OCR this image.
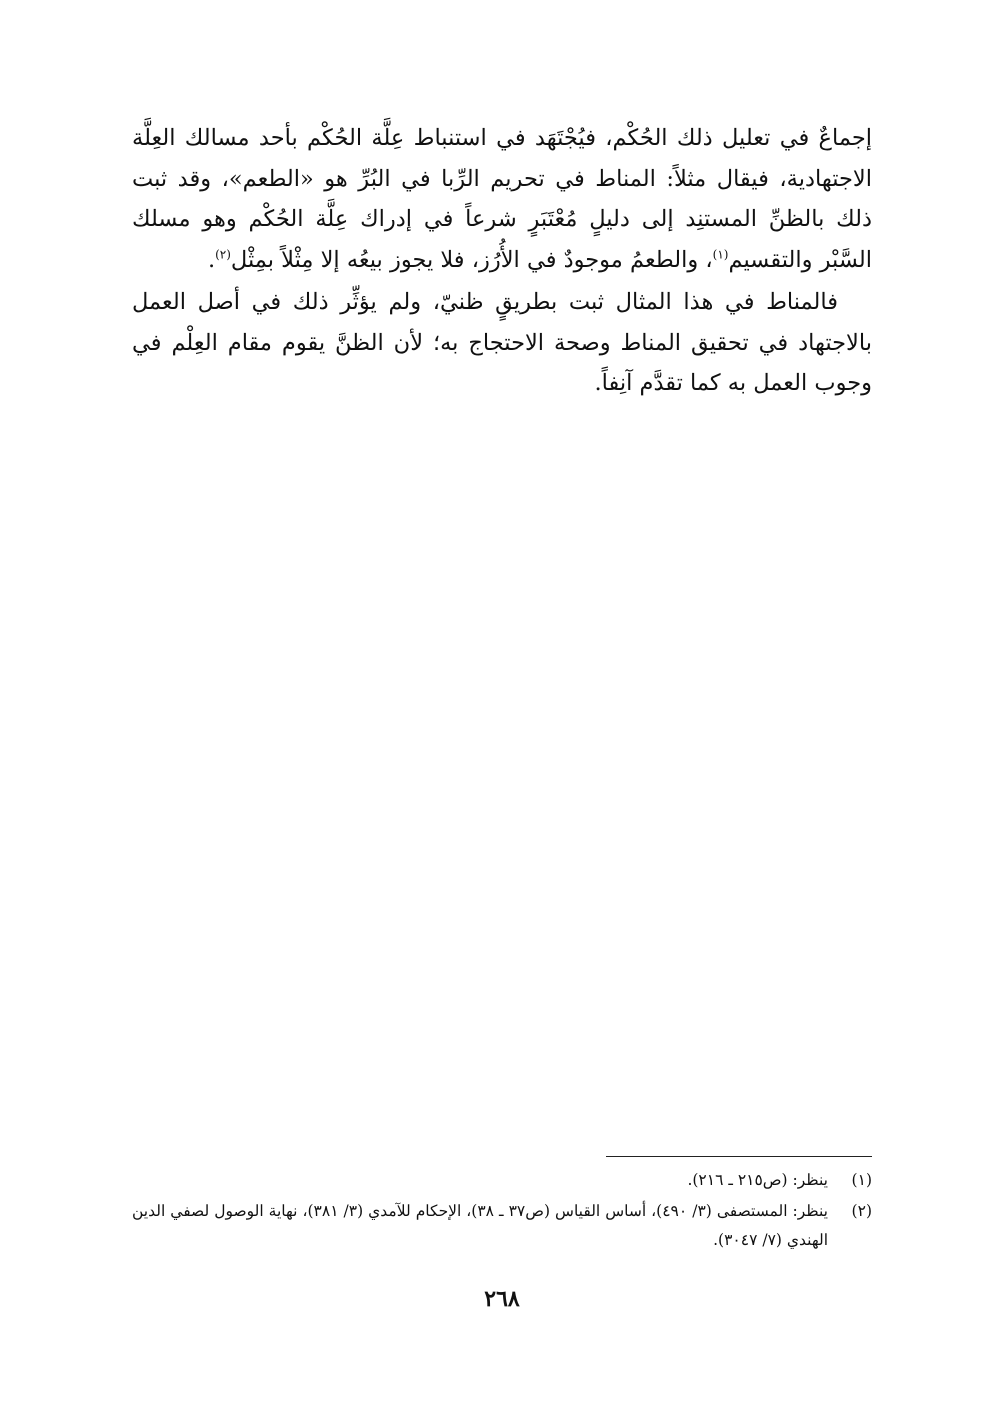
إجماعٌ في تعليل ذلك الحُكْم، فيُجْتَهَد في استنباط عِلَّة الحُكْم بأحد مسالك العِلَّة الاجتهادية، فيقال مثلاً: المناط في تحريم الرِّبا في البُرِّ هو «الطعم»، وقد ثبت ذلك بالظنِّ المستنِد إلى دليلٍ مُعْتَبَرٍ شرعاً في إدراك عِلَّة الحُكْم وهو مسلك السَّبْر والتقسيم$^{(١)}$، والطعمُ موجودٌ في الأُرُز، فلا يجوز بيعُه إلا مِثْلاً بمِثْل$^{(٢)}$.

فالمناط في هذا المثال ثبت بطريقٍ ظنيّ، ولم يؤثِّر ذلك في أصل العمل بالاجتهاد في تحقيق المناط وصحة الاحتجاج به؛ لأن الظنَّ يقوم مقام العِلْم في وجوب العمل به كما تقدَّم آنِفاً.

(١)
ينظر: (ص٢١٥ ـ ٢١٦).
(٢)
ينظر: المستصفى (٣/ ٤٩٠)، أساس القياس (ص٣٧ ـ ٣٨)، الإحكام للآمدي (٣/ ٣٨١)، نهاية الوصول لصفي الدين الهندي (٧/ ٣٠٤٧).
٢٦٨
